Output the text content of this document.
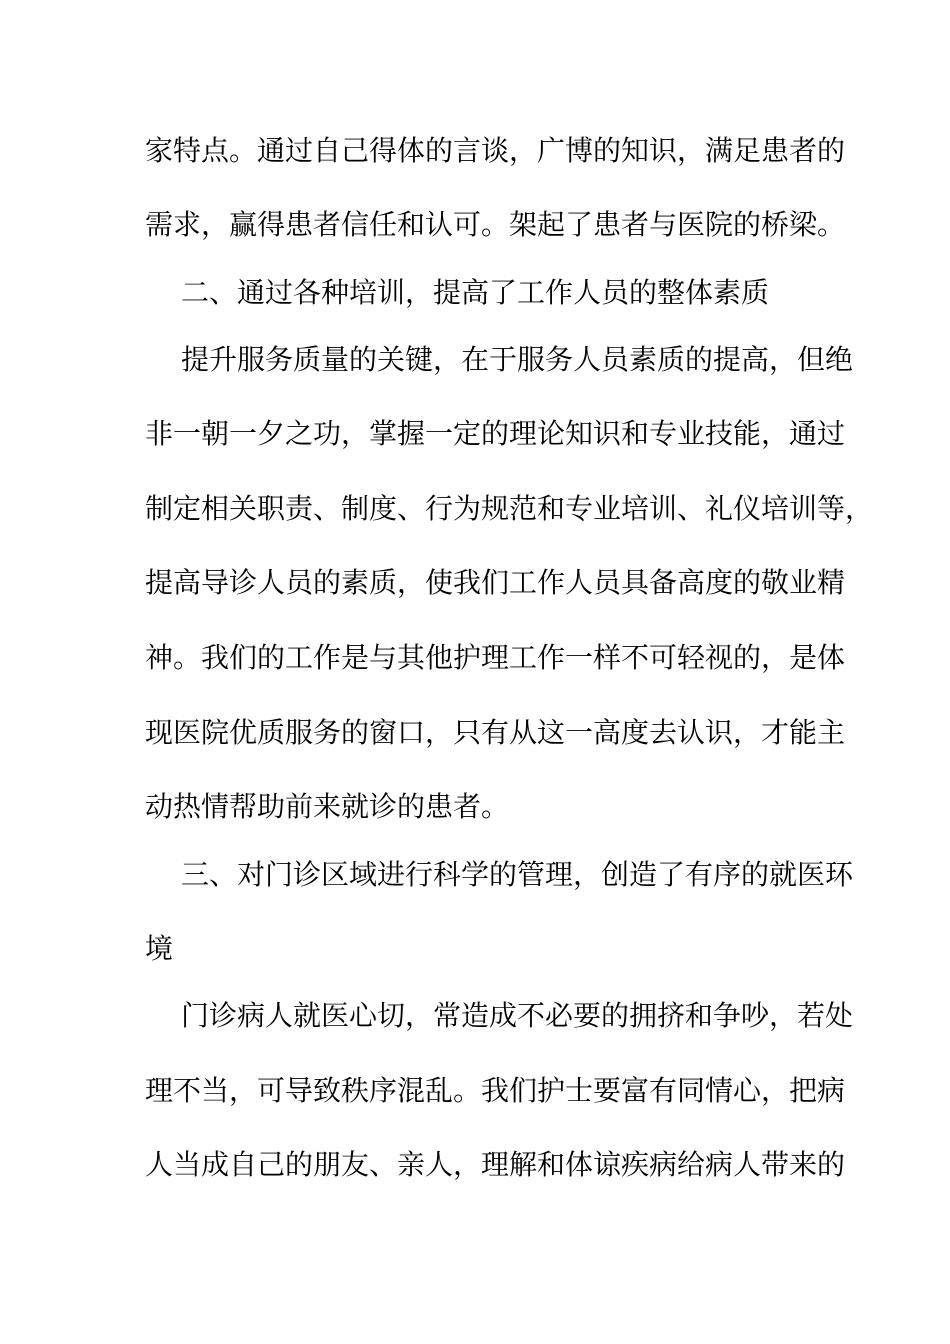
家特点。通过自己得体的言谈，广博的知识，满足患者的
需求，赢得患者信任和认可。架起了患者与医院的桥梁。
二、通过各种培训，提高了工作人员的整体素质
提升服务质量的关键，在于服务人员素质的提高，但绝
非一朝一夕之功，掌握一定的理论知识和专业技能，通过
制定相关职责、制度、行为规范和专业培训、礼仪培训等，
提高导诊人员的素质，使我们工作人员具备高度的敬业精
神。我们的工作是与其他护理工作一样不可轻视的，是体
现医院优质服务的窗口，只有从这一高度去认识，才能主
动热情帮助前来就诊的患者。
三、对门诊区域进行科学的管理，创造了有序的就医环
境
门诊病人就医心切，常造成不必要的拥挤和争吵，若处
理不当，可导致秩序混乱。我们护士要富有同情心，把病
人当成自己的朋友、亲人，理解和体谅疾病给病人带来的
